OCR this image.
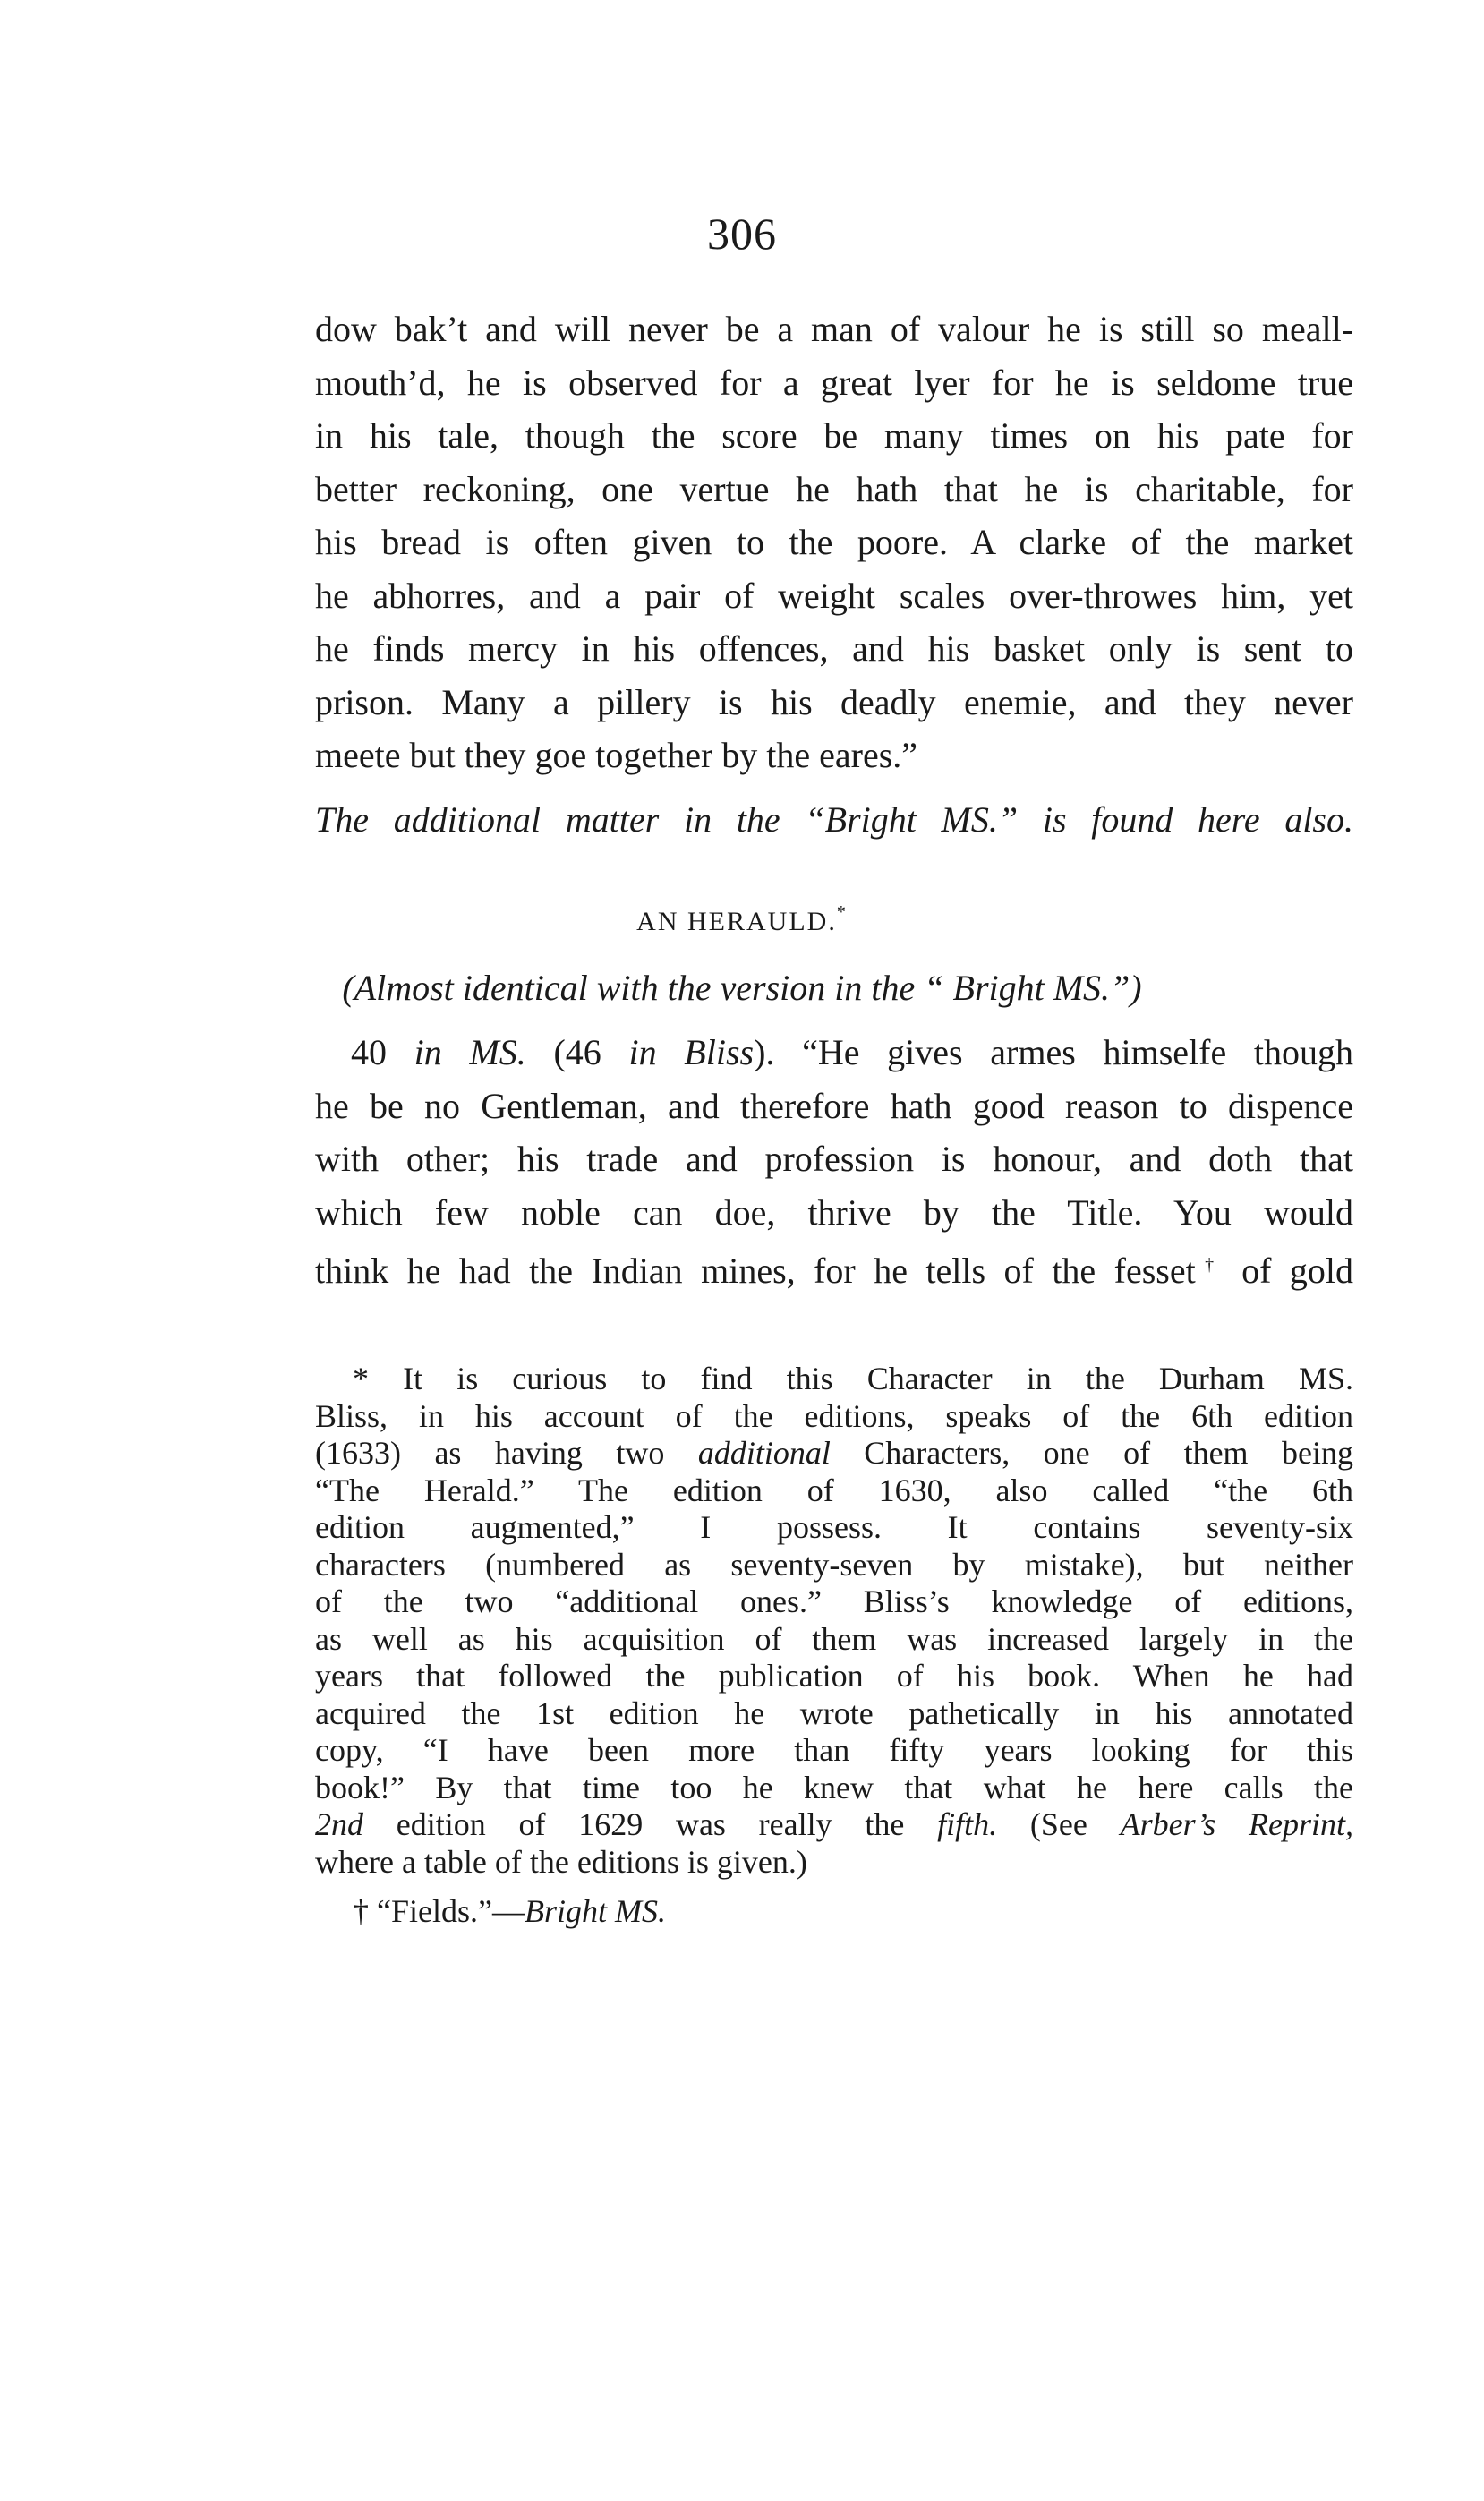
306
dow bak’t and will never be a man of valour he is still so meall-
mouth’d, he is observed for a great lyer for he is seldome true
in his tale, though the score be many times on his pate for
better reckoning, one vertue he hath that he is charitable, for
his bread is often given to the poore. A clarke of the market
he abhorres, and a pair of weight scales over-throwes him, yet
he finds mercy in his offences, and his basket only is sent to
prison. Many a pillery is his deadly enemie, and they never
meete but they goe together by the eares.”
The additional matter in the “Bright MS.” is found here also.
AN HERAULD.*
(Almost identical with the version in the “ Bright MS.”)
40 in MS. (46 in Bliss). “He gives armes himselfe though
he be no Gentleman, and therefore hath good reason to dispence
with other; his trade and profession is honour, and doth that
which few noble can doe, thrive by the Title. You would
think he had the Indian mines, for he tells of the fesset† of gold
* It is curious to find this Character in the Durham MS.
Bliss, in his account of the editions, speaks of the 6th edition
(1633) as having two additional Characters, one of them being
“The Herald.” The edition of 1630, also called “the 6th
edition augmented,” I possess. It contains seventy-six
characters (numbered as seventy-seven by mistake), but neither
of the two “additional ones.” Bliss’s knowledge of editions,
as well as his acquisition of them was increased largely in the
years that followed the publication of his book. When he had
acquired the 1st edition he wrote pathetically in his annotated
copy, “I have been more than fifty years looking for this
book!” By that time too he knew that what he here calls the
2nd edition of 1629 was really the fifth. (See Arber’s Reprint,
where a table of the editions is given.)
† “Fields.”—Bright MS.
